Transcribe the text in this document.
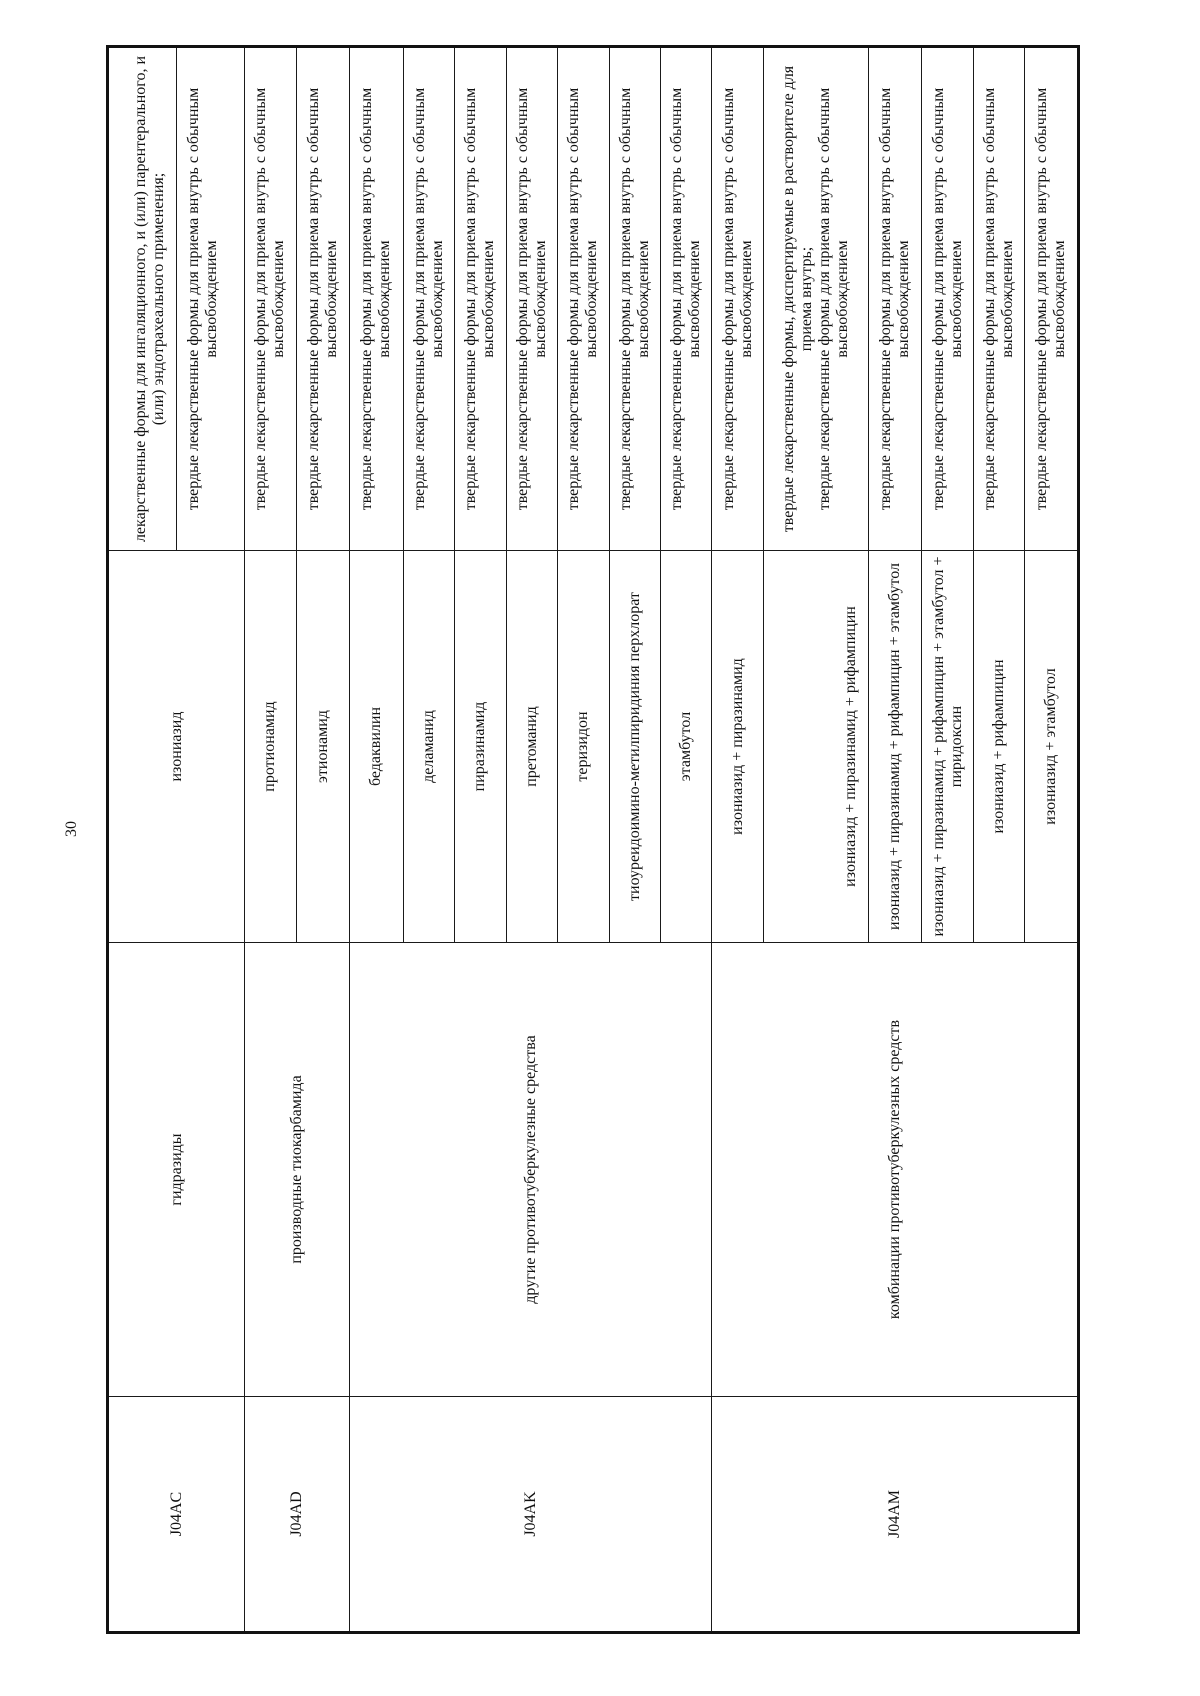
30
J04AC	гидразиды	изониазид	лекарственные формы для ингаляционного, и (или) парентерального, и (или) эндотрахеального применения; твердые лекарственные формы для приема внутрь с обычным высвобождением

J04AD	производные тиокарбамида	протионамид	твердые лекарственные формы для приема внутрь с обычным высвобождением
		этионамид	твердые лекарственные формы для приема внутрь с обычным высвобождением
J04AK	другие противотуберкулезные средства	бедаквилин	твердые лекарственные формы для приема внутрь с обычным высвобождением
		деламанид	твердые лекарственные формы для приема внутрь с обычным высвобождением
		пиразинамид	твердые лекарственные формы для приема внутрь с обычным высвобождением
		претоманид	твердые лекарственные формы для приема внутрь с обычным высвобождением
		теризидон	твердые лекарственные формы для приема внутрь с обычным высвобождением
		тиоуреидоимино-метилпиридиния перхлорат	твердые лекарственные формы для приема внутрь с обычным высвобождением
		этамбутол	твердые лекарственные формы для приема внутрь с обычным высвобождением
J04AM	комбинации противотуберкулезных средств	изониазид + пиразинамид	твердые лекарственные формы для приема внутрь с обычным высвобождением
		изониазид + пиразинамид + рифампицин	твердые лекарственные формы, диспергируемые в растворителе для приема внутрь; твердые лекарственные формы для приема внутрь с обычным высвобождением

		изониазид + пиразинамид + рифампицин + этамбутол	твердые лекарственные формы для приема внутрь с обычным высвобождением
		изониазид + пиразинамид + рифампицин + этамбутол + пиридоксин	твердые лекарственные формы для приема внутрь с обычным высвобождением
		изониазид + рифампицин	твердые лекарственные формы для приема внутрь с обычным высвобождением
		изониазид + этамбутол	твердые лекарственные формы для приема внутрь с обычным высвобождением
